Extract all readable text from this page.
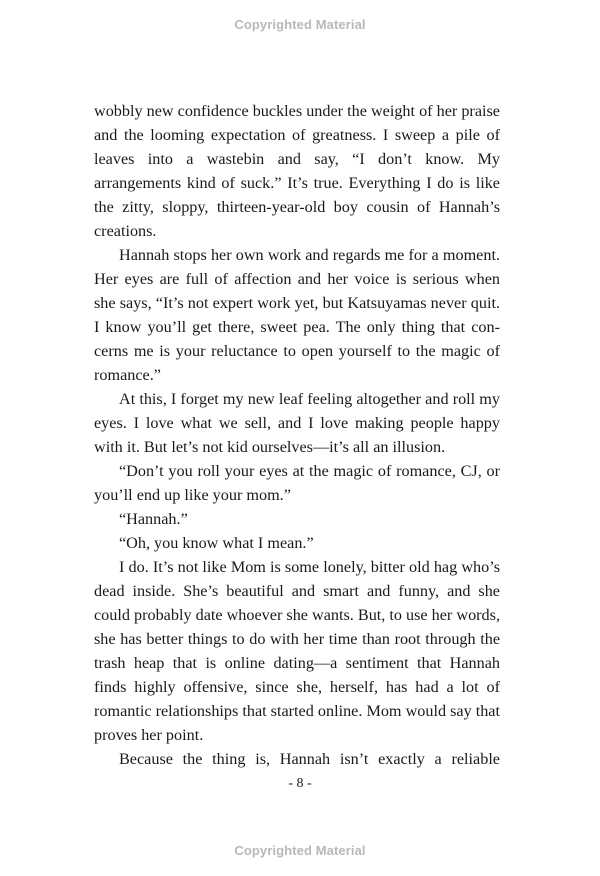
Copyrighted Material

wobbly new confidence buckles under the weight of her praise and the looming expectation of greatness. I sweep a pile of leaves into a wastebin and say, “I don’t know. My arrangements kind of suck.” It’s true. Everything I do is like the zitty, sloppy, thirteen-year-old boy cousin of Hannah’s creations.

Hannah stops her own work and regards me for a moment. Her eyes are full of affection and her voice is serious when she says, “It’s not expert work yet, but Katsuyamas never quit. I know you’ll get there, sweet pea. The only thing that concerns me is your reluctance to open yourself to the magic of romance.”

At this, I forget my new leaf feeling altogether and roll my eyes. I love what we sell, and I love making people happy with it. But let’s not kid ourselves—it’s all an illusion.

“Don’t you roll your eyes at the magic of romance, CJ, or you’ll end up like your mom.”

“Hannah.”

“Oh, you know what I mean.”

I do. It’s not like Mom is some lonely, bitter old hag who’s dead inside. She’s beautiful and smart and funny, and she could probably date whoever she wants. But, to use her words, she has better things to do with her time than root through the trash heap that is online dating—a sentiment that Hannah finds highly offensive, since she, herself, has had a lot of romantic relationships that started online. Mom would say that proves her point.

Because the thing is, Hannah isn’t exactly a reliable

- 8 -
Copyrighted Material
